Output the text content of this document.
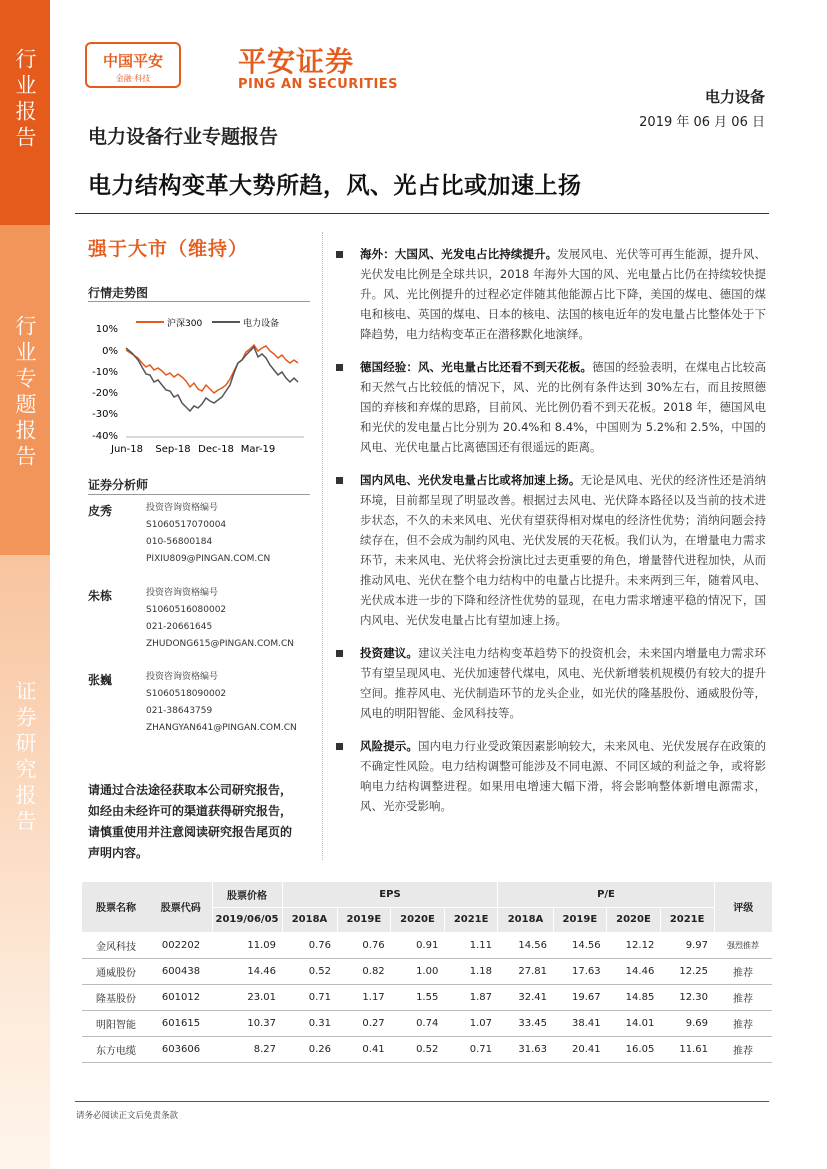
行业报告
行业专题报告
证券研究报告
中国平安
金融·科技
平安证券
PING AN SECURITIES
电力设备
2019 年 06 月 06 日
电力设备行业专题报告
电力结构变革大势所趋，风、光占比或加速上扬
强于大市（维持）
行情走势图
沪深300	电力设备
10%
0%
-10%
-20%
-30%
-40%
Jun-18 Sep-18 Dec-18 Mar-19
证券分析师
皮秀	投资咨询资格编号
S1060517070004
010-56800184
PIXIU809@PINGAN.COM.CN
朱栋	投资咨询资格编号
S1060516080002
021-20661645
ZHUDONG615@PINGAN.COM.CN
张巍	投资咨询资格编号
S1060518090002
021-38643759
ZHANGYAN641@PINGAN.COM.CN
请通过合法途径获取本公司研究报告，如经由未经许可的渠道获得研究报告，请慎重使用并注意阅读研究报告尾页的声明内容。

海外：大国风、光发电占比持续提升。发展风电、光伏等可再生能源，提升风、光伏发电比例是全球共识，2018 年海外大国的风、光电量占比仍在持续较快提升。风、光比例提升的过程必定伴随其他能源占比下降，美国的煤电、德国的煤电和核电、英国的煤电、日本的核电、法国的核电近年的发电量占比整体处于下降趋势，电力结构变革正在潜移默化地演绎。

德国经验：风、光电量占比还看不到天花板。德国的经验表明，在煤电占比较高和天然气占比较低的情况下，风、光的比例有条件达到 30%左右，而且按照德国的弃核和弃煤的思路，目前风、光比例仍看不到天花板。2018 年，德国风电和光伏的发电量占比分别为 20.4%和 8.4%，中国则为 5.2%和 2.5%，中国的风电、光伏电量占比离德国还有很遥远的距离。

国内风电、光伏发电量占比或将加速上扬。无论是风电、光伏的经济性还是消纳环境，目前都呈现了明显改善。根据过去风电、光伏降本路径以及当前的技术进步状态，不久的未来风电、光伏有望获得相对煤电的经济性优势；消纳问题会持续存在，但不会成为制约风电、光伏发展的天花板。我们认为，在增量电力需求环节，未来风电、光伏将会扮演比过去更重要的角色，增量替代进程加快，从而推动风电、光伏在整个电力结构中的电量占比提升。未来两到三年，随着风电、光伏成本进一步的下降和经济性优势的显现，在电力需求增速平稳的情况下，国内风电、光伏发电量占比有望加速上扬。

投资建议。建议关注电力结构变革趋势下的投资机会，未来国内增量电力需求环节有望呈现风电、光伏加速替代煤电，风电、光伏新增装机规模仍有较大的提升空间。推荐风电、光伏制造环节的龙头企业，如光伏的隆基股份、通威股份等，风电的明阳智能、金风科技等。

风险提示。国内电力行业受政策因素影响较大，未来风电、光伏发展存在政策的不确定性风险。电力结构调整可能涉及不同电源、不同区域的利益之争，或将影响电力结构调整进程。如果用电增速大幅下滑，将会影响整体新增电源需求，风、光亦受影响。

股票名称	股票代码	股票价格	EPS				P/E				评级
		2019/06/05	2018A	2019E	2020E	2021E	2018A	2019E	2020E	2021E	
金风科技	002202	11.09	0.76	0.76	0.91	1.11	14.56	14.56	12.12	9.97	强烈推荐
通威股份	600438	14.46	0.52	0.82	1.00	1.18	27.81	17.63	14.46	12.25	推荐
隆基股份	601012	23.01	0.71	1.17	1.55	1.87	32.41	19.67	14.85	12.30	推荐
明阳智能	601615	10.37	0.31	0.27	0.74	1.07	33.45	38.41	14.01	9.69	推荐
东方电缆	603606	8.27	0.26	0.41	0.52	0.71	31.63	20.41	16.05	11.61	推荐
请务必阅读正文后免责条款
